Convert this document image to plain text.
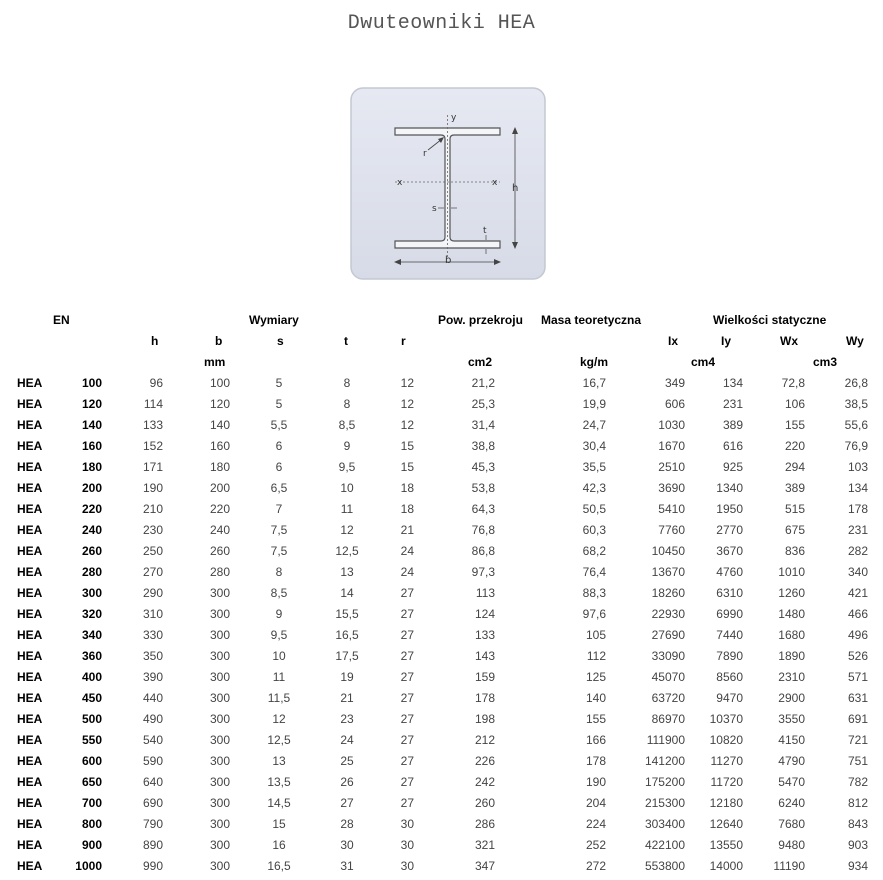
Dwuteowniki HEA
y
x	x
r
s
t
h
b
EN	Wymiary	Pow. przekroju Masa teoretyczna	Wielkości statyczne
h	b	s	t	r	Ix	Iy	Wx	Wy
mm	cm2	kg/m	cm4	cm3
HEA	100	96	100	5	8	12	21,2	16,7	349	134	72,8	26,8
HEA	120	114	120	5	8	12	25,3	19,9	606	231	106	38,5
HEA	140	133	140	5,5	8,5	12	31,4	24,7	1030	389	155	55,6
HEA	160	152	160	6	9	15	38,8	30,4	1670	616	220	76,9
HEA	180	171	180	6	9,5	15	45,3	35,5	2510	925	294	103
HEA	200	190	200	6,5	10	18	53,8	42,3	3690	1340	389	134
HEA	220	210	220	7	11	18	64,3	50,5	5410	1950	515	178
HEA	240	230	240	7,5	12	21	76,8	60,3	7760	2770	675	231
HEA	260	250	260	7,5	12,5	24	86,8	68,2	10450	3670	836	282
HEA	280	270	280	8	13	24	97,3	76,4	13670	4760	1010	340
HEA	300	290	300	8,5	14	27	113	88,3	18260	6310	1260	421
HEA	320	310	300	9	15,5	27	124	97,6	22930	6990	1480	466
HEA	340	330	300	9,5	16,5	27	133	105	27690	7440	1680	496
HEA	360	350	300	10	17,5	27	143	112	33090	7890	1890	526
HEA	400	390	300	11	19	27	159	125	45070	8560	2310	571
HEA	450	440	300	11,5	21	27	178	140	63720	9470	2900	631
HEA	500	490	300	12	23	27	198	155	86970	10370	3550	691
HEA	550	540	300	12,5	24	27	212	166	111900	10820	4150	721
HEA	600	590	300	13	25	27	226	178	141200	11270	4790	751
HEA	650	640	300	13,5	26	27	242	190	175200	11720	5470	782
HEA	700	690	300	14,5	27	27	260	204	215300	12180	6240	812
HEA	800	790	300	15	28	30	286	224	303400	12640	7680	843
HEA	900	890	300	16	30	30	321	252	422100	13550	9480	903
HEA	1000	990	300	16,5	31	30	347	272	553800	14000	11190	934
